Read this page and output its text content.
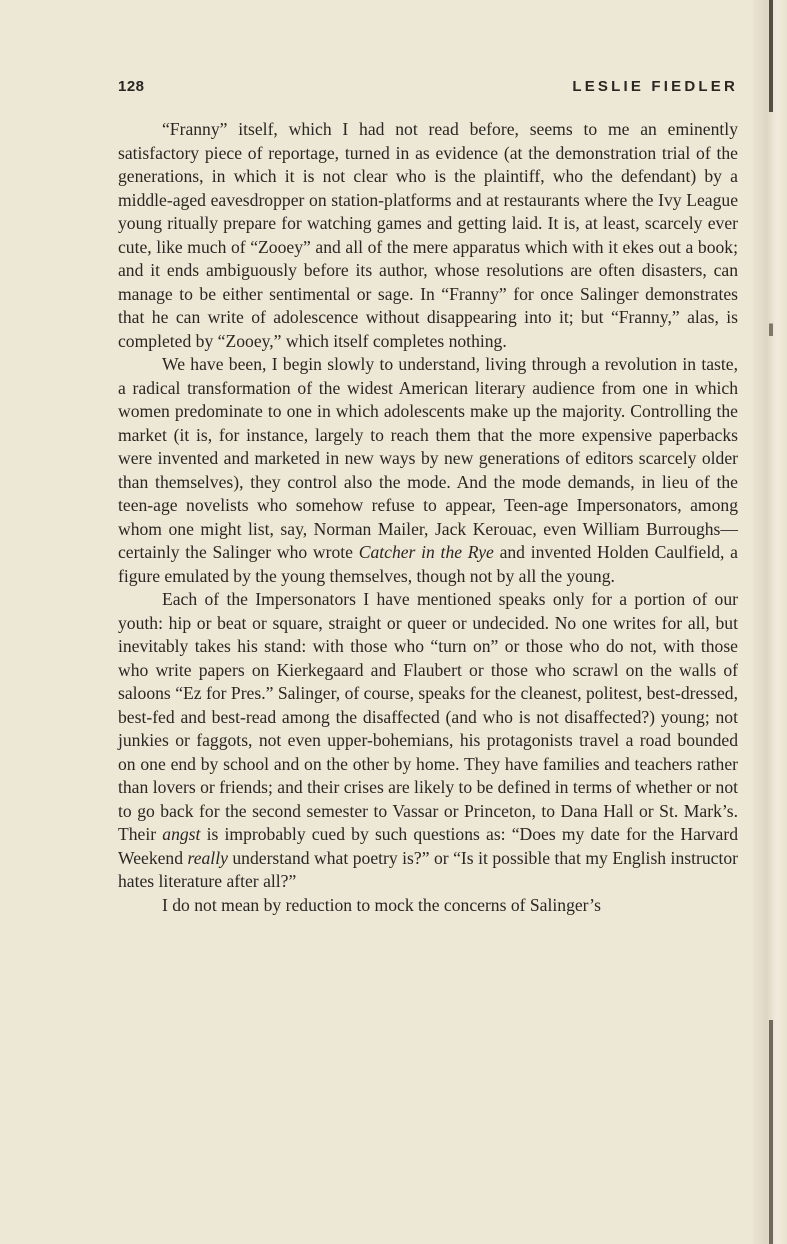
128	LESLIE FIEDLER

“Franny” itself, which I had not read before, seems to me an eminently satisfactory piece of reportage, turned in as evidence (at the demonstration trial of the generations, in which it is not clear who is the plaintiff, who the defendant) by a middle-aged eavesdropper on station-platforms and at restaurants where the Ivy League young ritually prepare for watching games and getting laid. It is, at least, scarcely ever cute, like much of “Zooey” and all of the mere apparatus which with it ekes out a book; and it ends ambiguously before its author, whose resolutions are often disasters, can manage to be either sentimental or sage. In “Franny” for once Salinger demonstrates that he can write of adolescence without disappearing into it; but “Franny,” alas, is completed by “Zooey,” which itself completes nothing.

We have been, I begin slowly to understand, living through a revolution in taste, a radical transformation of the widest American literary audience from one in which women predominate to one in which adolescents make up the majority. Controlling the market (it is, for instance, largely to reach them that the more expensive paperbacks were invented and marketed in new ways by new generations of editors scarcely older than themselves), they control also the mode. And the mode demands, in lieu of the teen-age novelists who somehow refuse to appear, Teen-age Impersonators, among whom one might list, say, Norman Mailer, Jack Kerouac, even William Burroughs—certainly the Salinger who wrote Catcher in the Rye and invented Holden Caulfield, a figure emulated by the young themselves, though not by all the young.

Each of the Impersonators I have mentioned speaks only for a portion of our youth: hip or beat or square, straight or queer or undecided. No one writes for all, but inevitably takes his stand: with those who “turn on” or those who do not, with those who write papers on Kierkegaard and Flaubert or those who scrawl on the walls of saloons “Ez for Pres.” Salinger, of course, speaks for the cleanest, politest, best-dressed, best-fed and best-read among the disaffected (and who is not disaffected?) young; not junkies or faggots, not even upper-bohemians, his protagonists travel a road bounded on one end by school and on the other by home. They have families and teachers rather than lovers or friends; and their crises are likely to be defined in terms of whether or not to go back for the second semester to Vassar or Princeton, to Dana Hall or St. Mark’s. Their angst is improbably cued by such questions as: “Does my date for the Harvard Weekend really understand what poetry is?” or “Is it possible that my English instructor hates literature after all?”

I do not mean by reduction to mock the concerns of Salinger’s
